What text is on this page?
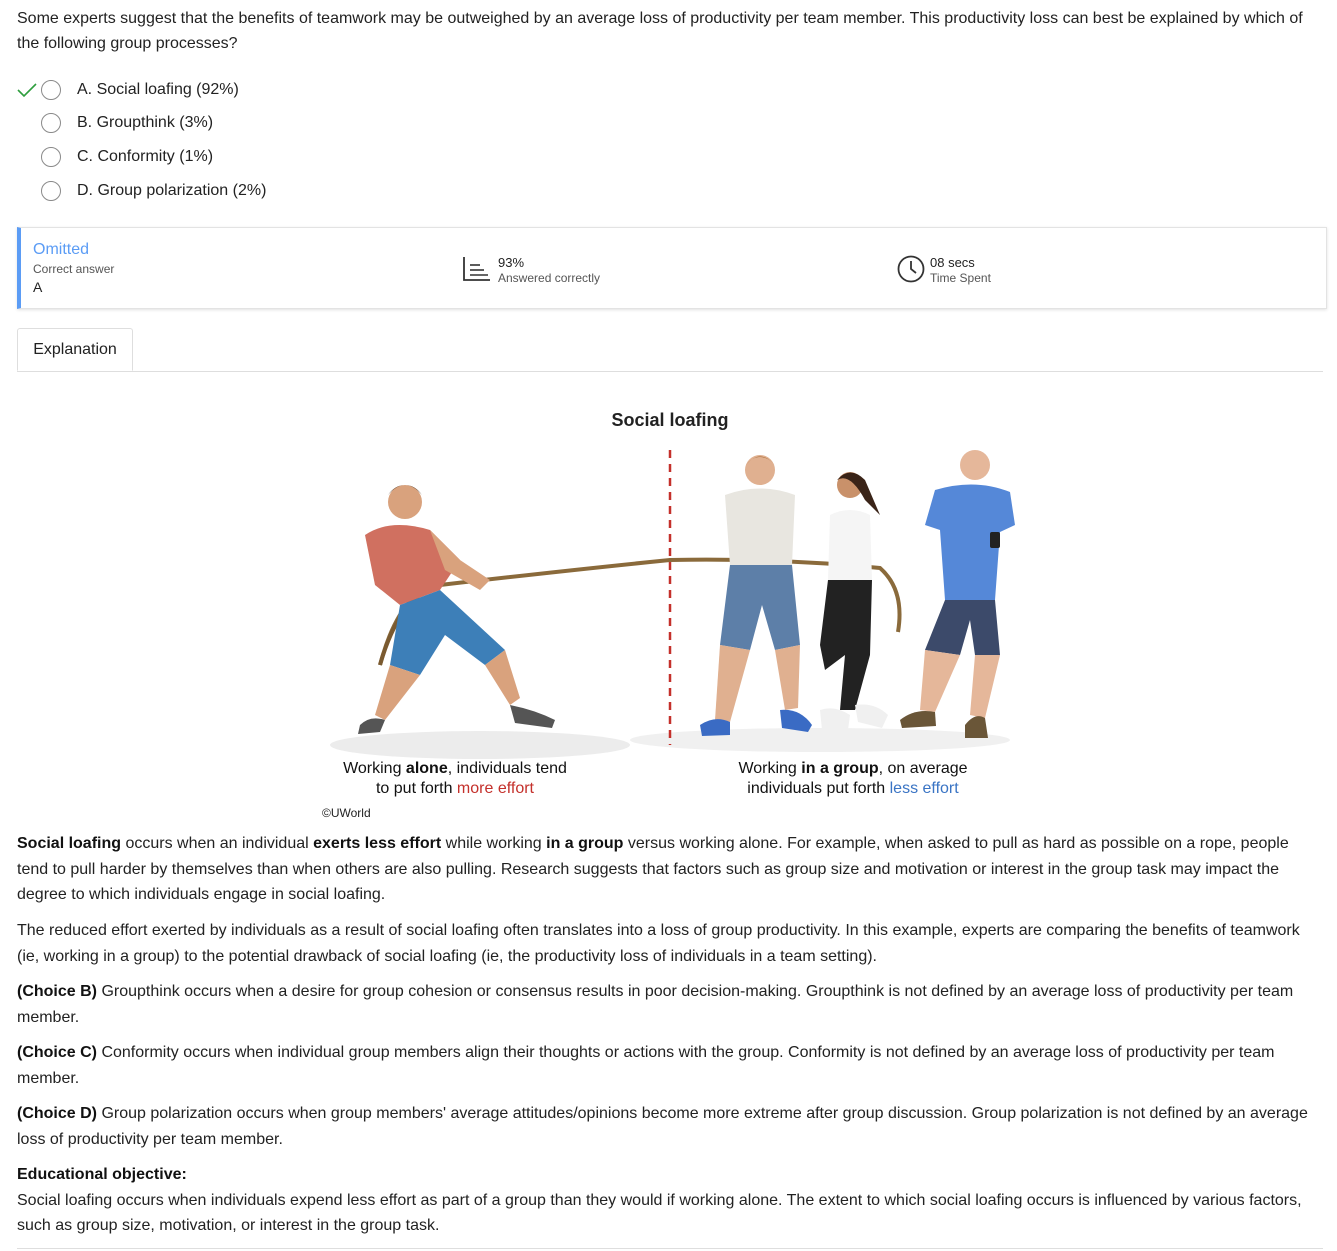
Some experts suggest that the benefits of teamwork may be outweighed by an average loss of productivity per team member. This productivity loss can best be explained by which of the following group processes?
A. Social loafing (92%)
B. Groupthink (3%)
C. Conformity (1%)
D. Group polarization (2%)
Omitted
Correct answer
A
93%
Answered correctly
08 secs
Time Spent
Explanation
Social loafing
Working alone, individuals tend
to put forth more effort
Working in a group, on average
individuals put forth less effort
©UWorld
Social loafing occurs when an individual exerts less effort while working in a group versus working alone. For example, when asked to pull as hard as possible on a rope, people tend to pull harder by themselves than when others are also pulling. Research suggests that factors such as group size and motivation or interest in the group task may impact the degree to which individuals engage in social loafing.
The reduced effort exerted by individuals as a result of social loafing often translates into a loss of group productivity. In this example, experts are comparing the benefits of teamwork (ie, working in a group) to the potential drawback of social loafing (ie, the productivity loss of individuals in a team setting).
(Choice B) Groupthink occurs when a desire for group cohesion or consensus results in poor decision-making. Groupthink is not defined by an average loss of productivity per team member.
(Choice C) Conformity occurs when individual group members align their thoughts or actions with the group. Conformity is not defined by an average loss of productivity per team member.
(Choice D) Group polarization occurs when group members' average attitudes/opinions become more extreme after group discussion. Group polarization is not defined by an average loss of productivity per team member.
Educational objective:
Social loafing occurs when individuals expend less effort as part of a group than they would if working alone. The extent to which social loafing occurs is influenced by various factors, such as group size, motivation, or interest in the group task.
